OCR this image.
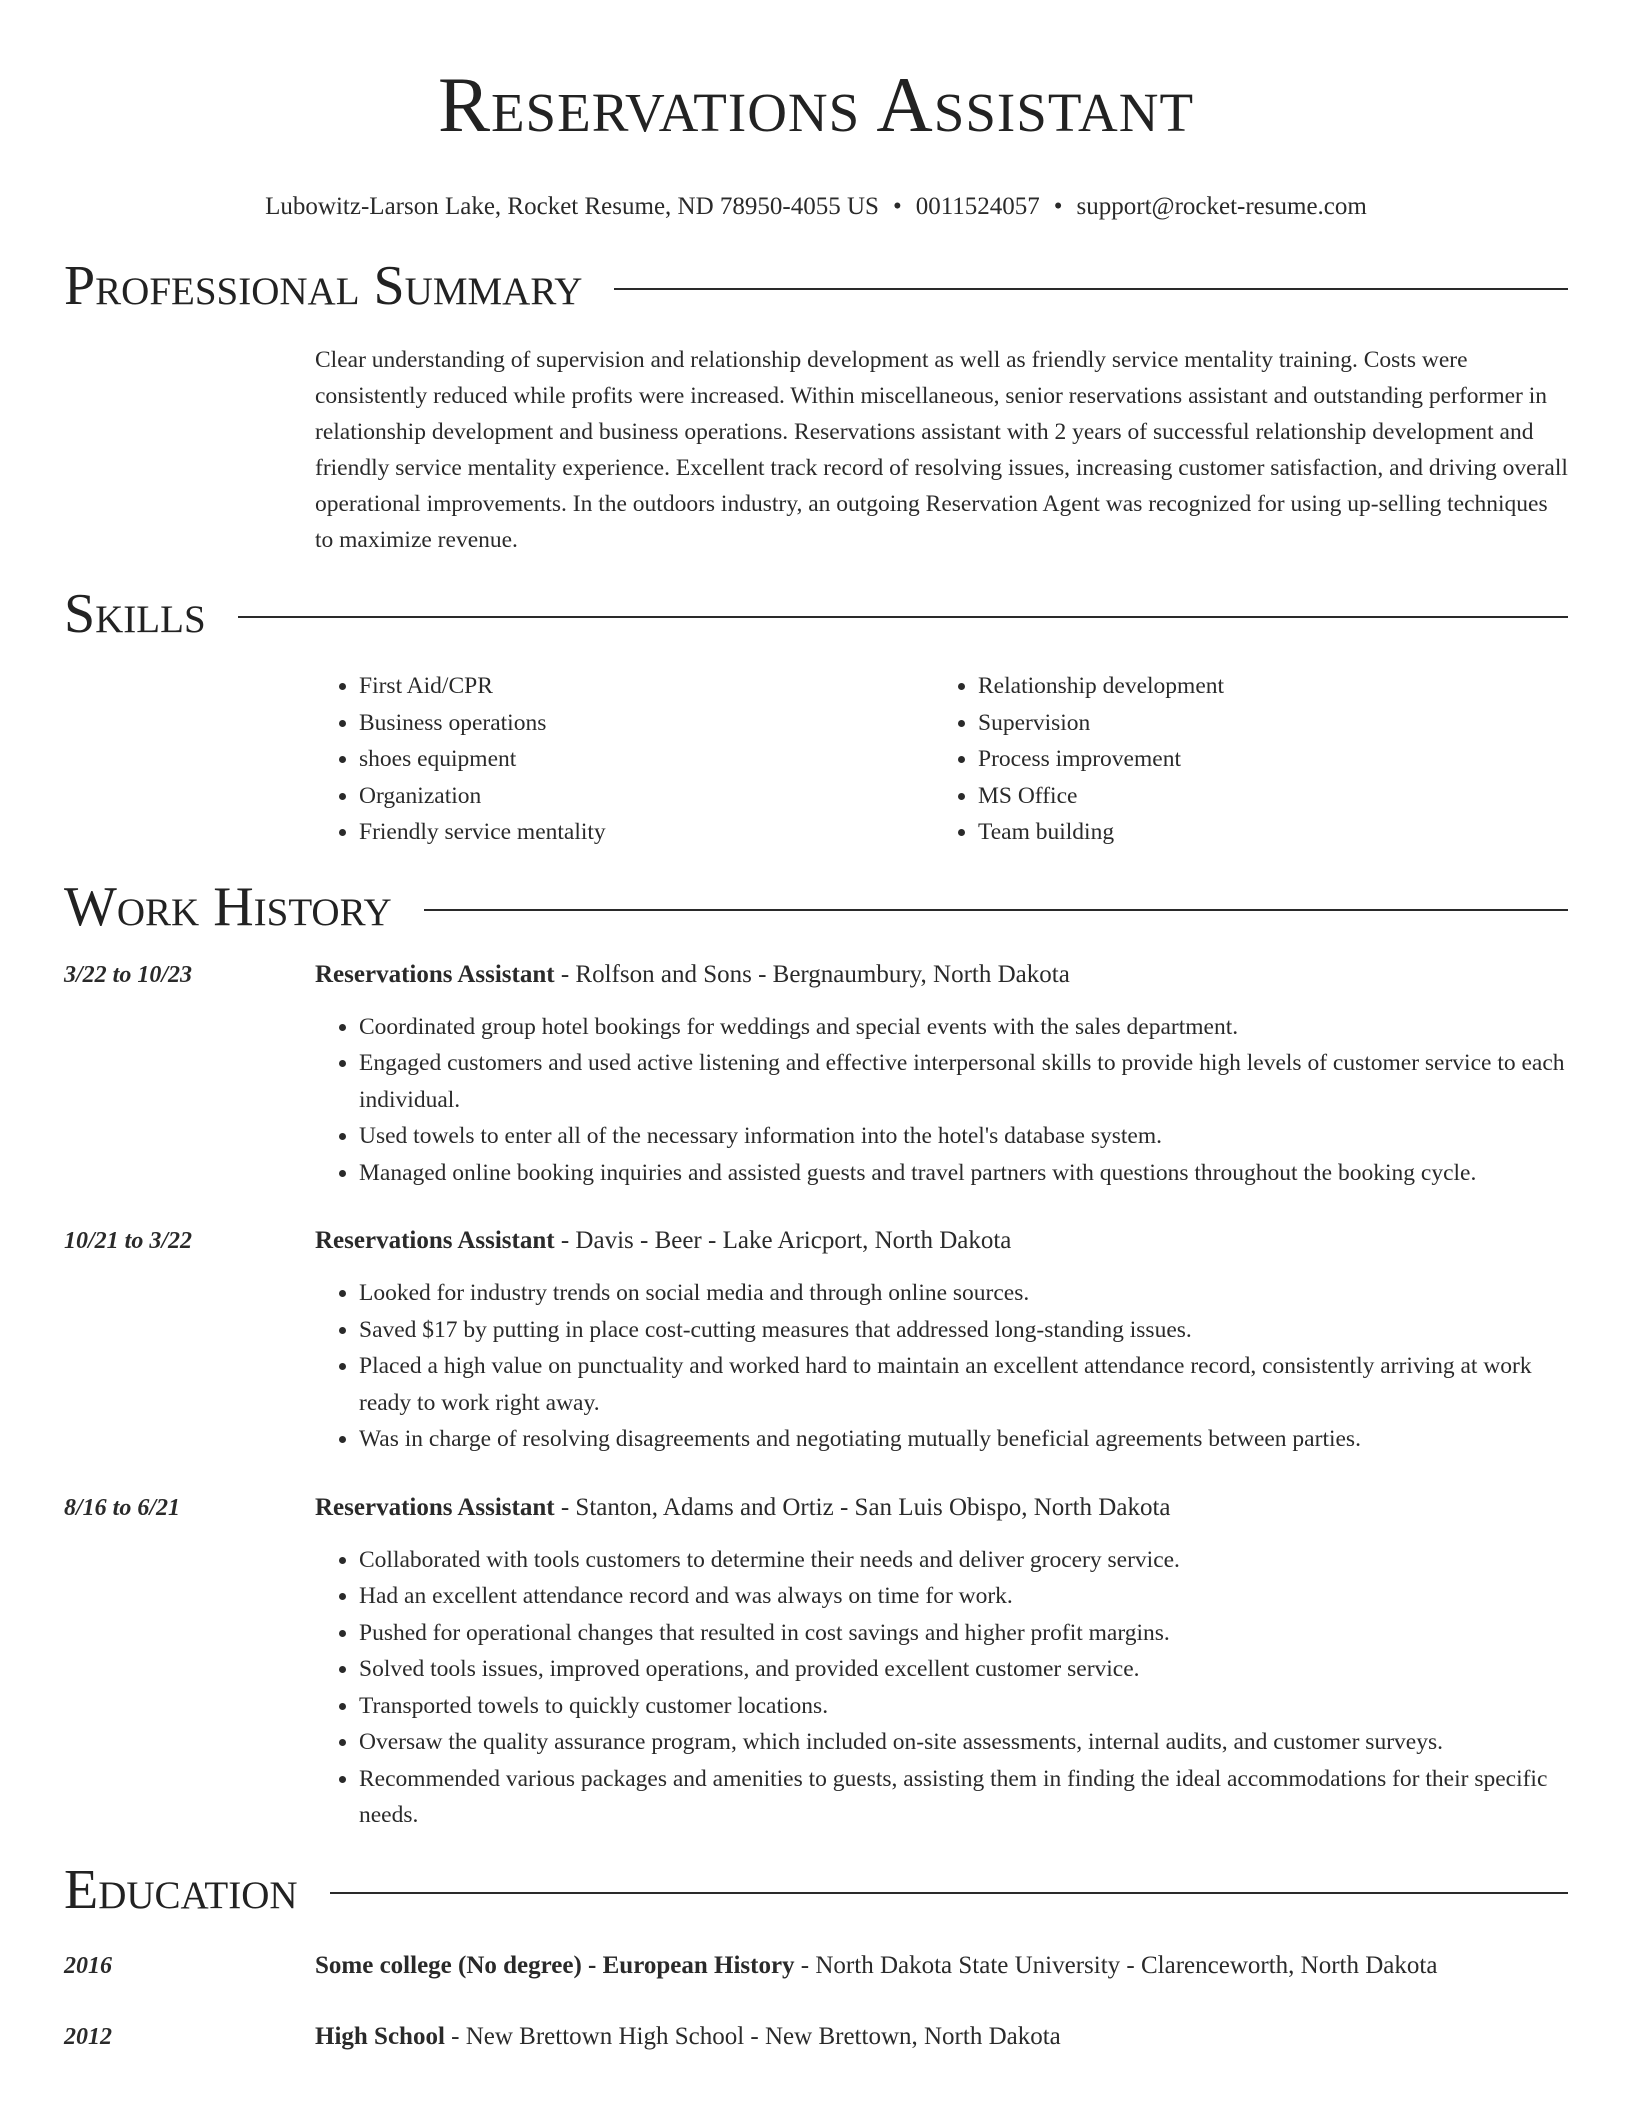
Reservations Assistant
Lubowitz-Larson Lake, Rocket Resume, ND 78950-4055 US • 0011524057 • support@rocket-resume.com
Professional Summary

Clear understanding of supervision and relationship development as well as friendly service mentality training. Costs were consistently reduced while profits were increased. Within miscellaneous, senior reservations assistant and outstanding performer in relationship development and business operations. Reservations assistant with 2 years of successful relationship development and friendly service mentality experience. Excellent track record of resolving issues, increasing customer satisfaction, and driving overall operational improvements. In the outdoors industry, an outgoing Reservation Agent was recognized for using up-selling techniques to maximize revenue.

Skills
• First Aid/CPR
• Business operations
• shoes equipment
• Organization
• Friendly service mentality
• Relationship development
• Supervision
• Process improvement
• MS Office
• Team building
Work History
3/22 to 10/23	Reservations Assistant - Rolfson and Sons - Bergnaumbury, North Dakota
• Coordinated group hotel bookings for weddings and special events with the sales department.
• Engaged customers and used active listening and effective interpersonal skills to provide high levels of customer service to each individual.
• Used towels to enter all of the necessary information into the hotel's database system.
• Managed online booking inquiries and assisted guests and travel partners with questions throughout the booking cycle.
10/21 to 3/22	Reservations Assistant - Davis - Beer - Lake Aricport, North Dakota
• Looked for industry trends on social media and through online sources.
• Saved $17 by putting in place cost-cutting measures that addressed long-standing issues.
• Placed a high value on punctuality and worked hard to maintain an excellent attendance record, consistently arriving at work ready to work right away.
• Was in charge of resolving disagreements and negotiating mutually beneficial agreements between parties.
8/16 to 6/21	Reservations Assistant - Stanton, Adams and Ortiz - San Luis Obispo, North Dakota
• Collaborated with tools customers to determine their needs and deliver grocery service.
• Had an excellent attendance record and was always on time for work.
• Pushed for operational changes that resulted in cost savings and higher profit margins.
• Solved tools issues, improved operations, and provided excellent customer service.
• Transported towels to quickly customer locations.
• Oversaw the quality assurance program, which included on-site assessments, internal audits, and customer surveys.
• Recommended various packages and amenities to guests, assisting them in finding the ideal accommodations for their specific needs.
Education
2016	Some college (No degree) - European History - North Dakota State University - Clarenceworth, North Dakota
2012	High School - New Brettown High School - New Brettown, North Dakota
